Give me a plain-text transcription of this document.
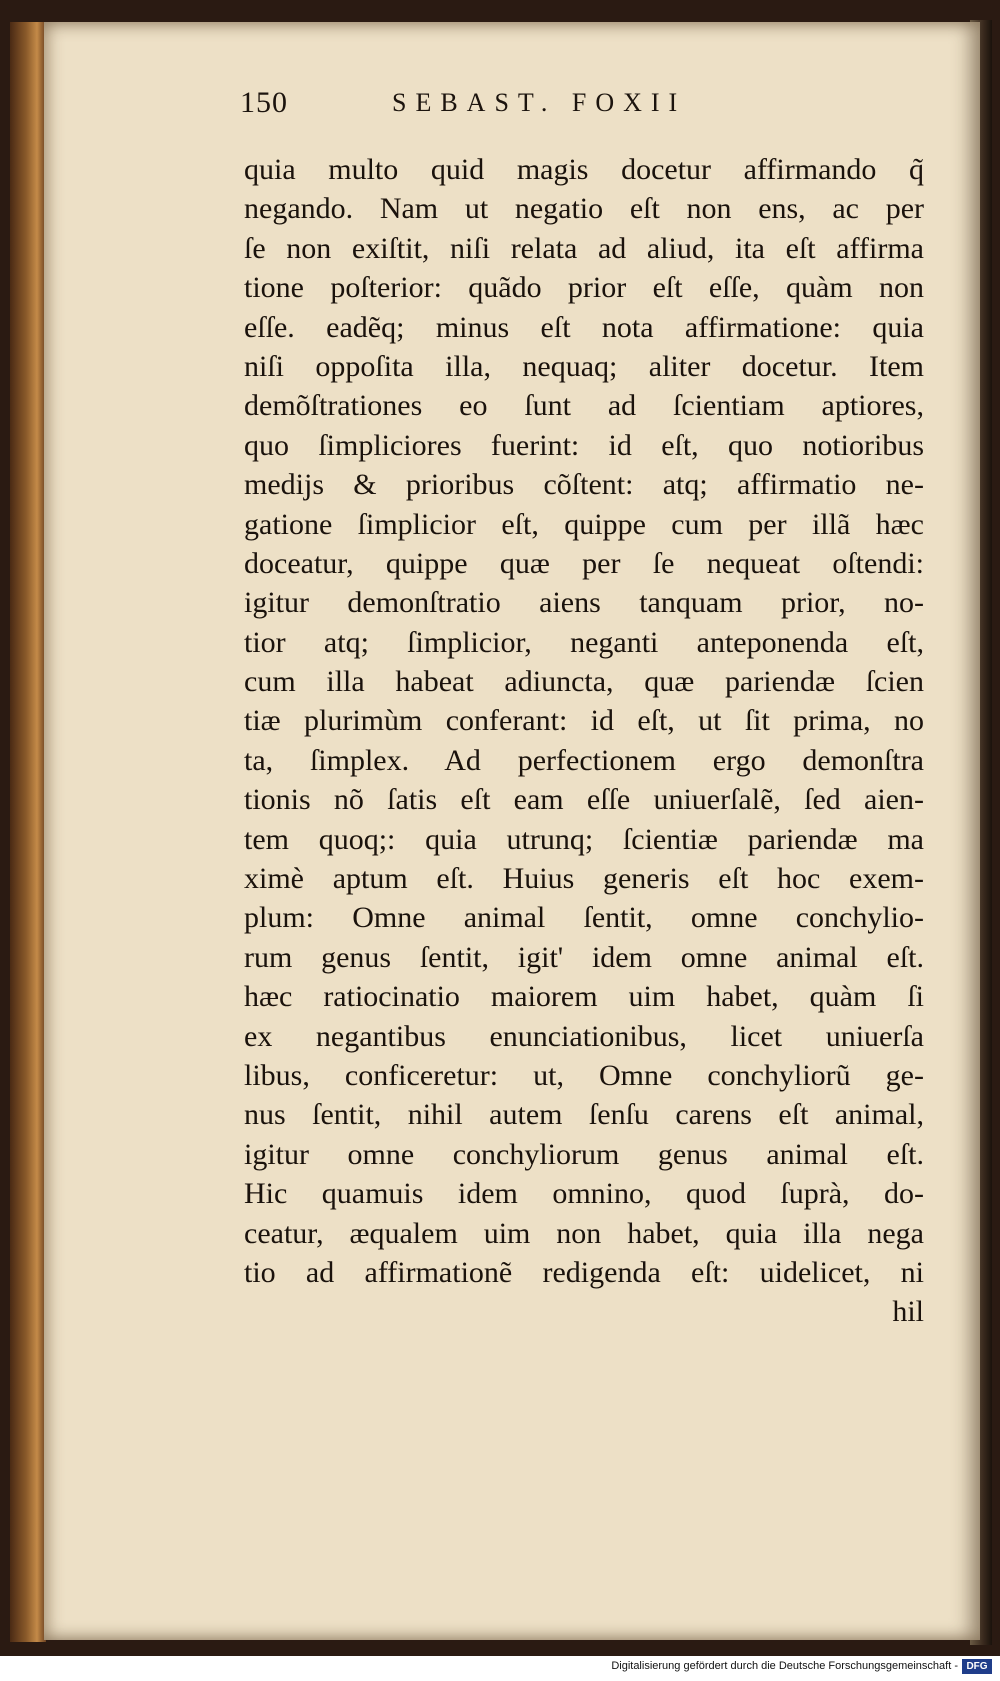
150	SEBAST. FOXII
quia multo quid magis docetur affirmando q̃
negando. Nam ut negatio eſt non ens, ac per
ſe non exiſtit, niſi relata ad aliud, ita eſt affirma
tione poſterior: quãdo prior eſt eſſe, quàm non
eſſe. eadẽq; minus eſt nota affirmatione: quia
niſi oppoſita illa, nequaq; aliter docetur. Item
demõſtrationes eo ſunt ad ſcientiam aptiores,
quo ſimpliciores fuerint: id eſt, quo notioribus
medijs & prioribus cõſtent: atq; affirmatio ne-
gatione ſimplicior eſt, quippe cum per illã hæc
doceatur, quippe quæ per ſe nequeat oſtendi:
igitur demonſtratio aiens tanquam prior, no-
tior atq; ſimplicior, neganti anteponenda eſt,
cum illa habeat adiuncta, quæ pariendæ ſcien
tiæ plurimùm conferant: id eſt, ut ſit prima, no
ta, ſimplex. Ad perfectionem ergo demonſtra
tionis nõ ſatis eſt eam eſſe uniuerſalẽ, ſed aien-
tem quoq;: quia utrunq; ſcientiæ pariendæ ma
ximè aptum eſt. Huius generis eſt hoc exem-
plum: Omne animal ſentit, omne conchylio-
rum genus ſentit, igit' idem omne animal eſt.
hæc ratiocinatio maiorem uim habet, quàm ſi
ex negantibus enunciationibus, licet uniuerſa
libus, conficeretur: ut, Omne conchyliorũ ge-
nus ſentit, nihil autem ſenſu carens eſt animal,
igitur omne conchyliorum genus animal eſt.
Hic quamuis idem omnino, quod ſuprà, do-
ceatur, æqualem uim non habet, quia illa nega
tio ad affirmationẽ redigenda eſt: uidelicet, ni
hil
Digitalisierung gefördert durch die Deutsche Forschungsgemeinschaft - DFG
